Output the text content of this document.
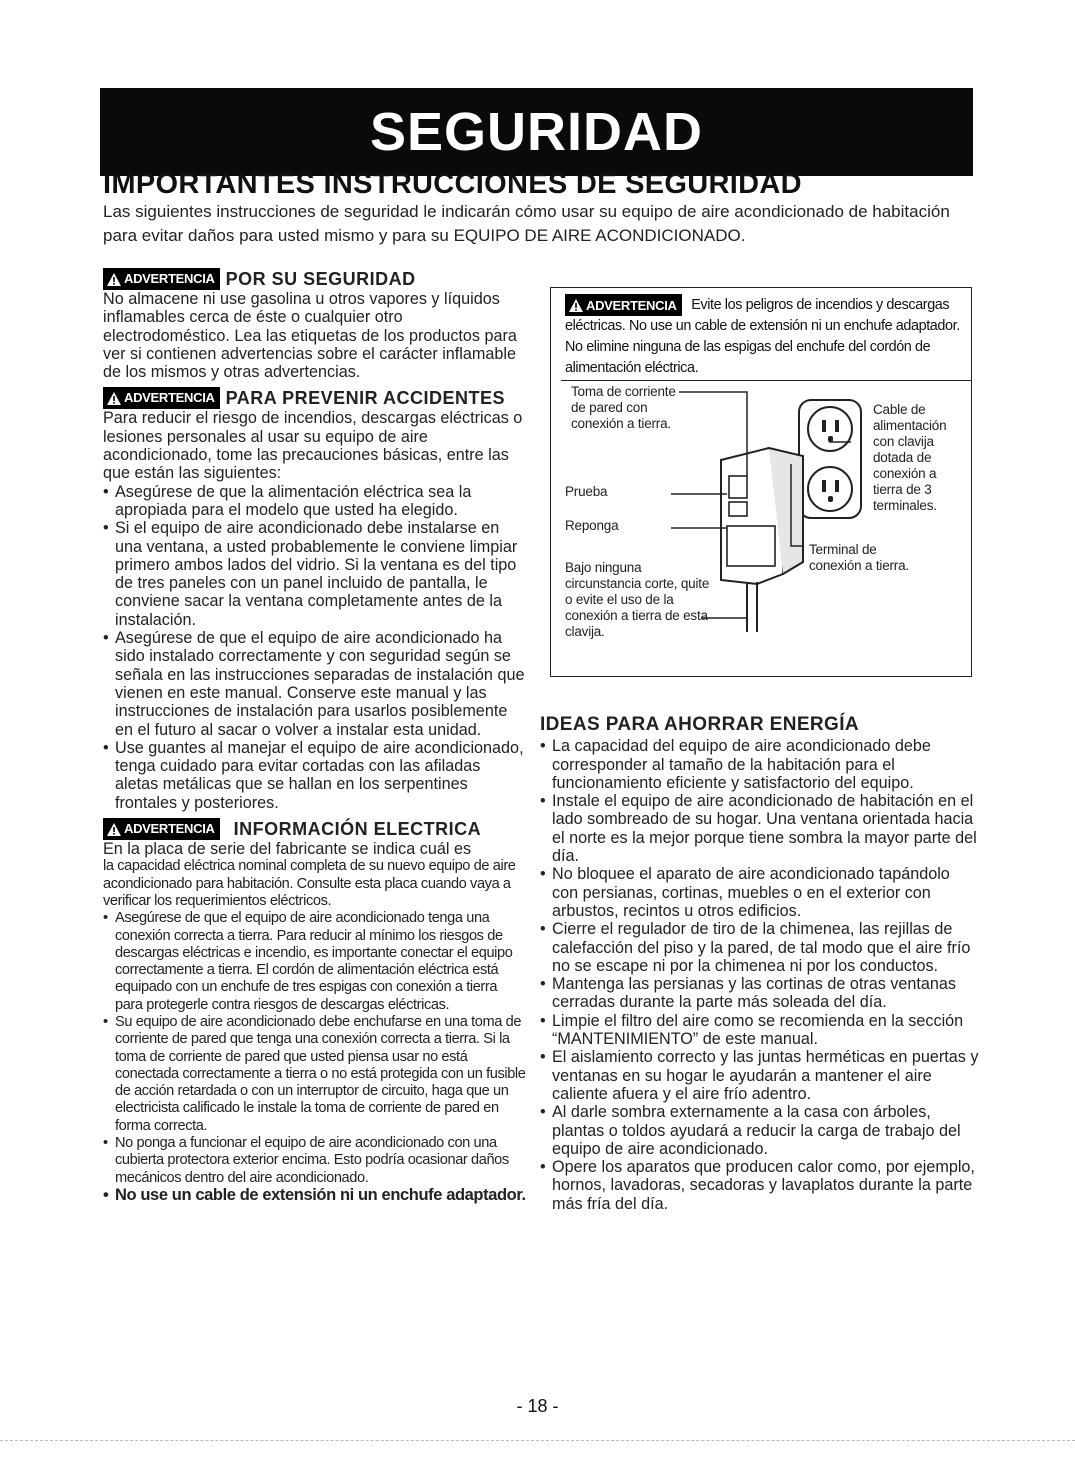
SEGURIDAD
IMPORTANTES INSTRUCCIONES DE SEGURIDAD

Las siguientes instrucciones de seguridad le indicarán cómo usar su equipo de aire acondicionado de habitación para evitar daños para usted mismo y para su EQUIPO DE AIRE ACONDICIONADO.

ADVERTENCIA POR SU SEGURIDAD

No almacene ni use gasolina u otros vapores y líquidos inflamables cerca de éste o cualquier otro electrodoméstico. Lea las etiquetas de los productos para ver si contienen advertencias sobre el carácter inflamable de los mismos y otras advertencias.

ADVERTENCIA PARA PREVENIR ACCIDENTES

Para reducir el riesgo de incendios, descargas eléctricas o lesiones personales al usar su equipo de aire acondicionado, tome las precauciones básicas, entre las que están las siguientes:

• Asegúrese de que la alimentación eléctrica sea la apropiada para el modelo que usted ha elegido.
• Si el equipo de aire acondicionado debe instalarse en una ventana, a usted probablemente le conviene limpiar primero ambos lados del vidrio. Si la ventana es del tipo de tres paneles con un panel incluido de pantalla, le conviene sacar la ventana completamente antes de la instalación.
• Asegúrese de que el equipo de aire acondicionado ha sido instalado correctamente y con seguridad según se señala en las instrucciones separadas de instalación que vienen en este manual. Conserve este manual y las instrucciones de instalación para usarlos posiblemente en el futuro al sacar o volver a instalar esta unidad.
• Use guantes al manejar el equipo de aire acondicionado, tenga cuidado para evitar cortadas con las afiladas aletas metálicas que se hallan en los serpentines frontales y posteriores.
ADVERTENCIA INFORMACIÓN ELECTRICA

En la placa de serie del fabricante se indica cuál es

la capacidad eléctrica nominal completa de su nuevo equipo de aire acondicionado para habitación. Consulte esta placa cuando vaya a verificar los requerimientos eléctricos.

• Asegúrese de que el equipo de aire acondicionado tenga una conexión correcta a tierra. Para reducir al mínimo los riesgos de descargas eléctricas e incendio, es importante conectar el equipo correctamente a tierra. El cordón de alimentación eléctrica está equipado con un enchufe de tres espigas con conexión a tierra para protegerle contra riesgos de descargas eléctricas.
• Su equipo de aire acondicionado debe enchufarse en una toma de corriente de pared que tenga una conexión correcta a tierra. Si la toma de corriente de pared que usted piensa usar no está conectada correctamente a tierra o no está protegida con un fusible de acción retardada o con un interruptor de circuito, haga que un electricista calificado le instale la toma de corriente de pared en forma correcta.
• No ponga a funcionar el equipo de aire acondicionado con una cubierta protectora exterior encima. Esto podría ocasionar daños mecánicos dentro del aire acondicionado.
• No use un cable de extensión ni un enchufe adaptador.
ADVERTENCIA Evite los peligros de incendios y descargas eléctricas. No use un cable de extensión ni un enchufe adaptador. No elimine ninguna de las espigas del enchufe del cordón de alimentación eléctrica.
Toma de corriente de pared con conexión a tierra.
Prueba
Reponga
Cable de alimentación con clavija dotada de conexión a tierra de 3 terminales.
Terminal de conexión a tierra.
Bajo ninguna
circunstancia corte, quite o evite el uso de la conexión a tierra de esta clavija.
IDEAS PARA AHORRAR ENERGÍA
• La capacidad del equipo de aire acondicionado debe corresponder al tamaño de la habitación para el funcionamiento eficiente y satisfactorio del equipo.
• Instale el equipo de aire acondicionado de habitación en el lado sombreado de su hogar. Una ventana orientada hacia el norte es la mejor porque tiene sombra la mayor parte del día.
• No bloquee el aparato de aire acondicionado tapándolo con persianas, cortinas, muebles o en el exterior con arbustos, recintos u otros edificios.
• Cierre el regulador de tiro de la chimenea, las rejillas de calefacción del piso y la pared, de tal modo que el aire frío no se escape ni por la chimenea ni por los conductos.
• Mantenga las persianas y las cortinas de otras ventanas cerradas durante la parte más soleada del día.
• Limpie el filtro del aire como se recomienda en la sección “MANTENIMIENTO” de este manual.
• El aislamiento correcto y las juntas herméticas en puertas y ventanas en su hogar le ayudarán a mantener el aire caliente afuera y el aire frío adentro.
• Al darle sombra externamente a la casa con árboles, plantas o toldos ayudará a reducir la carga de trabajo del equipo de aire acondicionado.
• Opere los aparatos que producen calor como, por ejemplo, hornos, lavadoras, secadoras y lavaplatos durante la parte más fría del día.
- 18 -
